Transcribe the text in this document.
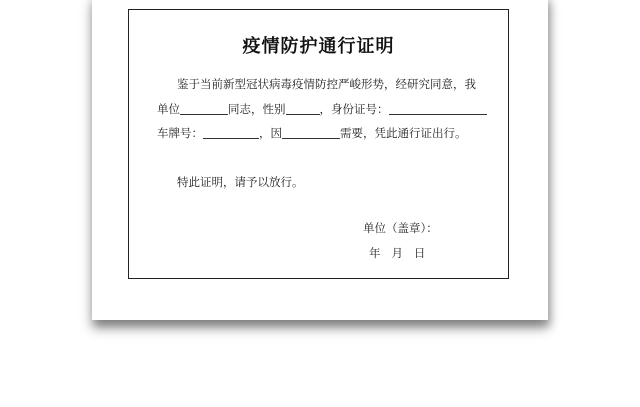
疫情防护通行证明
鉴于当前新型冠状病毒疫情防控严峻形势，经研究同意，我
单位	同志，性别	，身份证号：
车牌号：	，因	需要，凭此通行证出行。
特此证明，请予以放行。
单位（盖章）：
年   月   日
